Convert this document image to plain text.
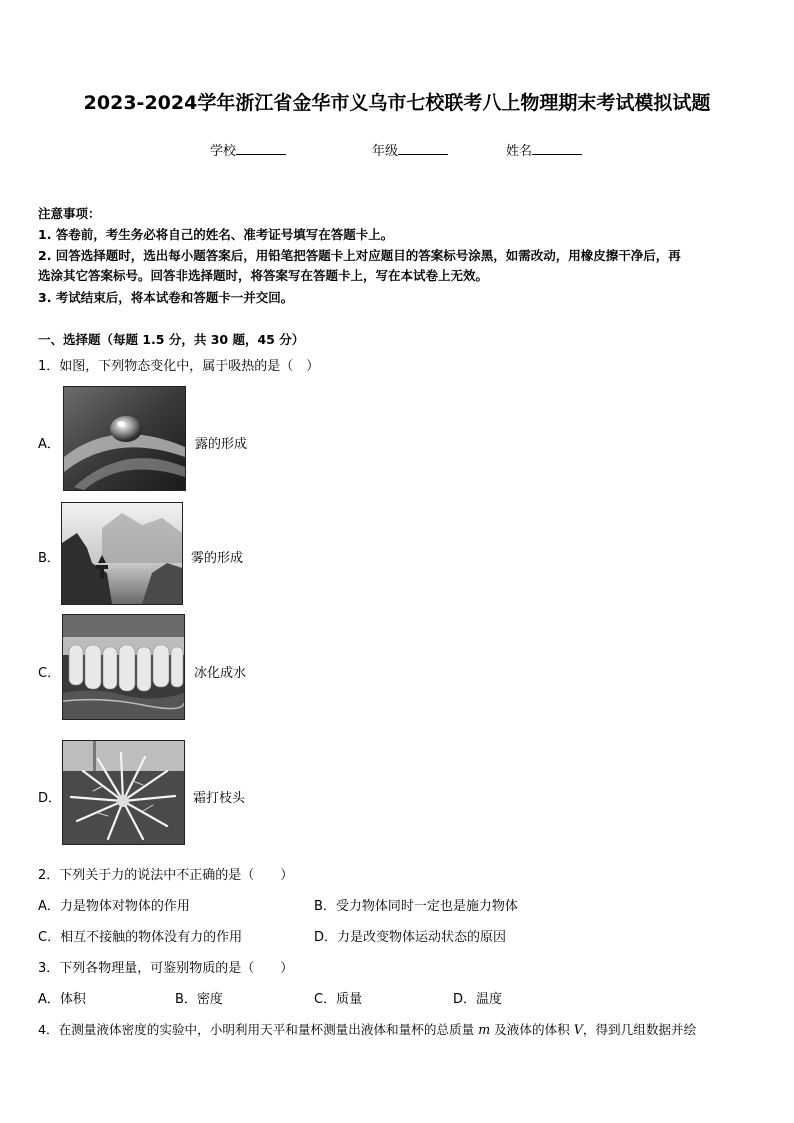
2023-2024学年浙江省金华市义乌市七校联考八上物理期末考试模拟试题
学校	年级	姓名
注意事项：
1. 答卷前，考生务必将自己的姓名、准考证号填写在答题卡上。
2. 回答选择题时，选出每小题答案后，用铅笔把答题卡上对应题目的答案标号涂黑，如需改动，用橡皮擦干净后，再
选涂其它答案标号。回答非选择题时，将答案写在答题卡上，写在本试卷上无效。
3. 考试结束后，将本试卷和答题卡一并交回。
一、选择题（每题 1.5 分，共 30 题，45 分）
1．如图，下列物态变化中，属于吸热的是（　）
A．	露的形成
B．	雾的形成
C．	冰化成水
D．	霜打枝头
2．下列关于力的说法中不正确的是（　　）
A．力是物体对物体的作用	B．受力物体同时一定也是施力物体
C．相互不接触的物体没有力的作用	D．力是改变物体运动状态的原因
3．下列各物理量，可鉴别物质的是（　　）
A．体积	B．密度	C．质量	D．温度
4．在测量液体密度的实验中，小明利用天平和量杯测量出液体和量杯的总质量 m 及液体的体积 V，得到几组数据并绘
